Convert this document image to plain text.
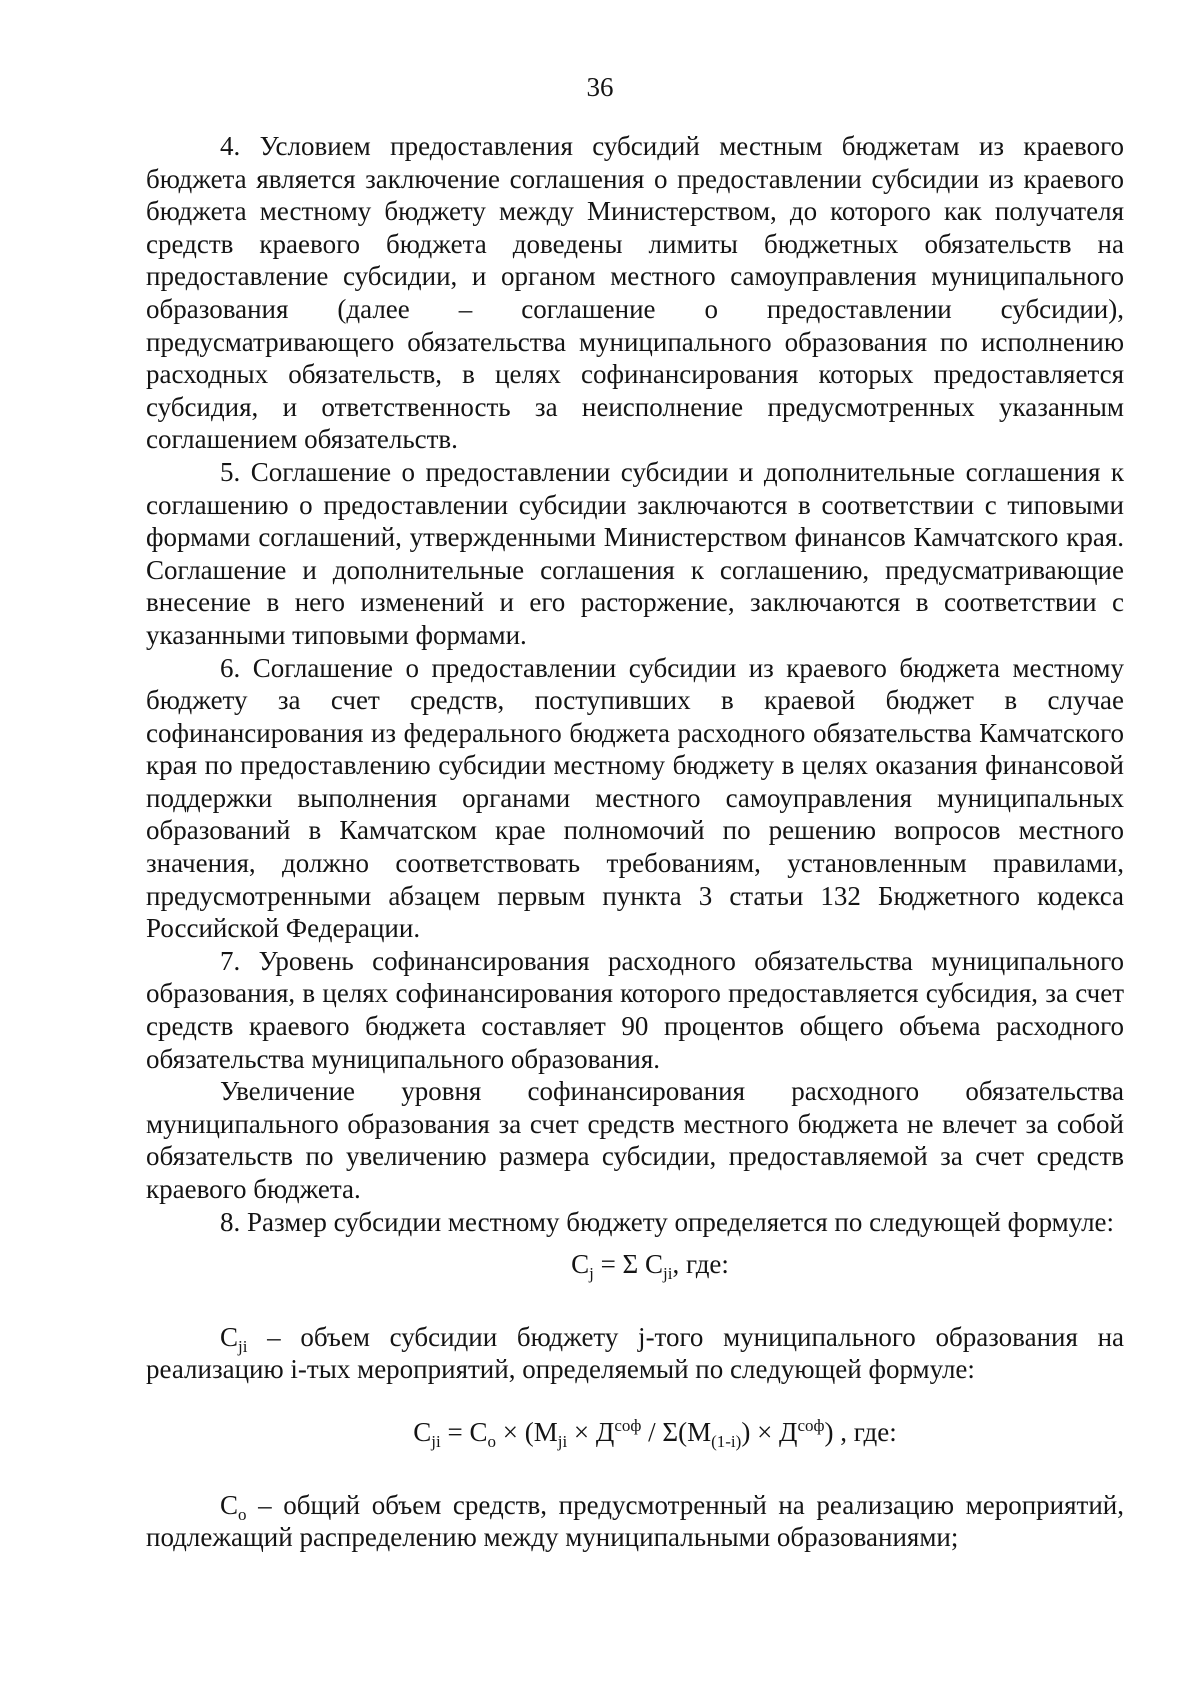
36

4. Условием предоставления субсидий местным бюджетам из краевого бюджета является заключение соглашения о предоставлении субсидии из краевого бюджета местному бюджету между Министерством, до которого как получателя средств краевого бюджета доведены лимиты бюджетных обязательств на предоставление субсидии, и органом местного самоуправления муниципального образования (далее – соглашение о предоставлении субсидии), предусматривающего обязательства муниципального образования по исполнению расходных обязательств, в целях софинансирования которых предоставляется субсидия, и ответственность за неисполнение предусмотренных указанным соглашением обязательств.

5. Соглашение о предоставлении субсидии и дополнительные соглашения к соглашению о предоставлении субсидии заключаются в соответствии с типовыми формами соглашений, утвержденными Министерством финансов Камчатского края. Соглашение и дополнительные соглашения к соглашению, предусматривающие внесение в него изменений и его расторжение, заключаются в соответствии с указанными типовыми формами.

6. Соглашение о предоставлении субсидии из краевого бюджета местному бюджету за счет средств, поступивших в краевой бюджет в случае софинансирования из федерального бюджета расходного обязательства Камчатского края по предоставлению субсидии местному бюджету в целях оказания финансовой поддержки выполнения органами местного самоуправления муниципальных образований в Камчатском крае полномочий по решению вопросов местного значения, должно соответствовать требованиям, установленным правилами, предусмотренными абзацем первым пункта 3 статьи 132 Бюджетного кодекса Российской Федерации.

7. Уровень софинансирования расходного обязательства муниципального образования, в целях софинансирования которого предоставляется субсидия, за счет средств краевого бюджета составляет 90 процентов общего объема расходного обязательства муниципального образования.

Увеличение уровня софинансирования расходного обязательства муниципального образования за счет средств местного бюджета не влечет за собой обязательств по увеличению размера субсидии, предоставляемой за счет средств краевого бюджета.

8. Размер субсидии местному бюджету определяется по следующей формуле:

$C_j = \Sigma$ $C_{ji}$, где:

$C_{ji}$ – объем субсидии бюджету j-того муниципального образования на реализацию i-тых мероприятий, определяемый по следующей формуле:

$C_{ji} = C_o \times (M_{ji} \times Д^{соф} / \Sigma(M_{(1-i)}) \times Д^{соф})$ , где:

$C_o$ – общий объем средств, предусмотренный на реализацию мероприятий, подлежащий распределению между муниципальными образованиями;
